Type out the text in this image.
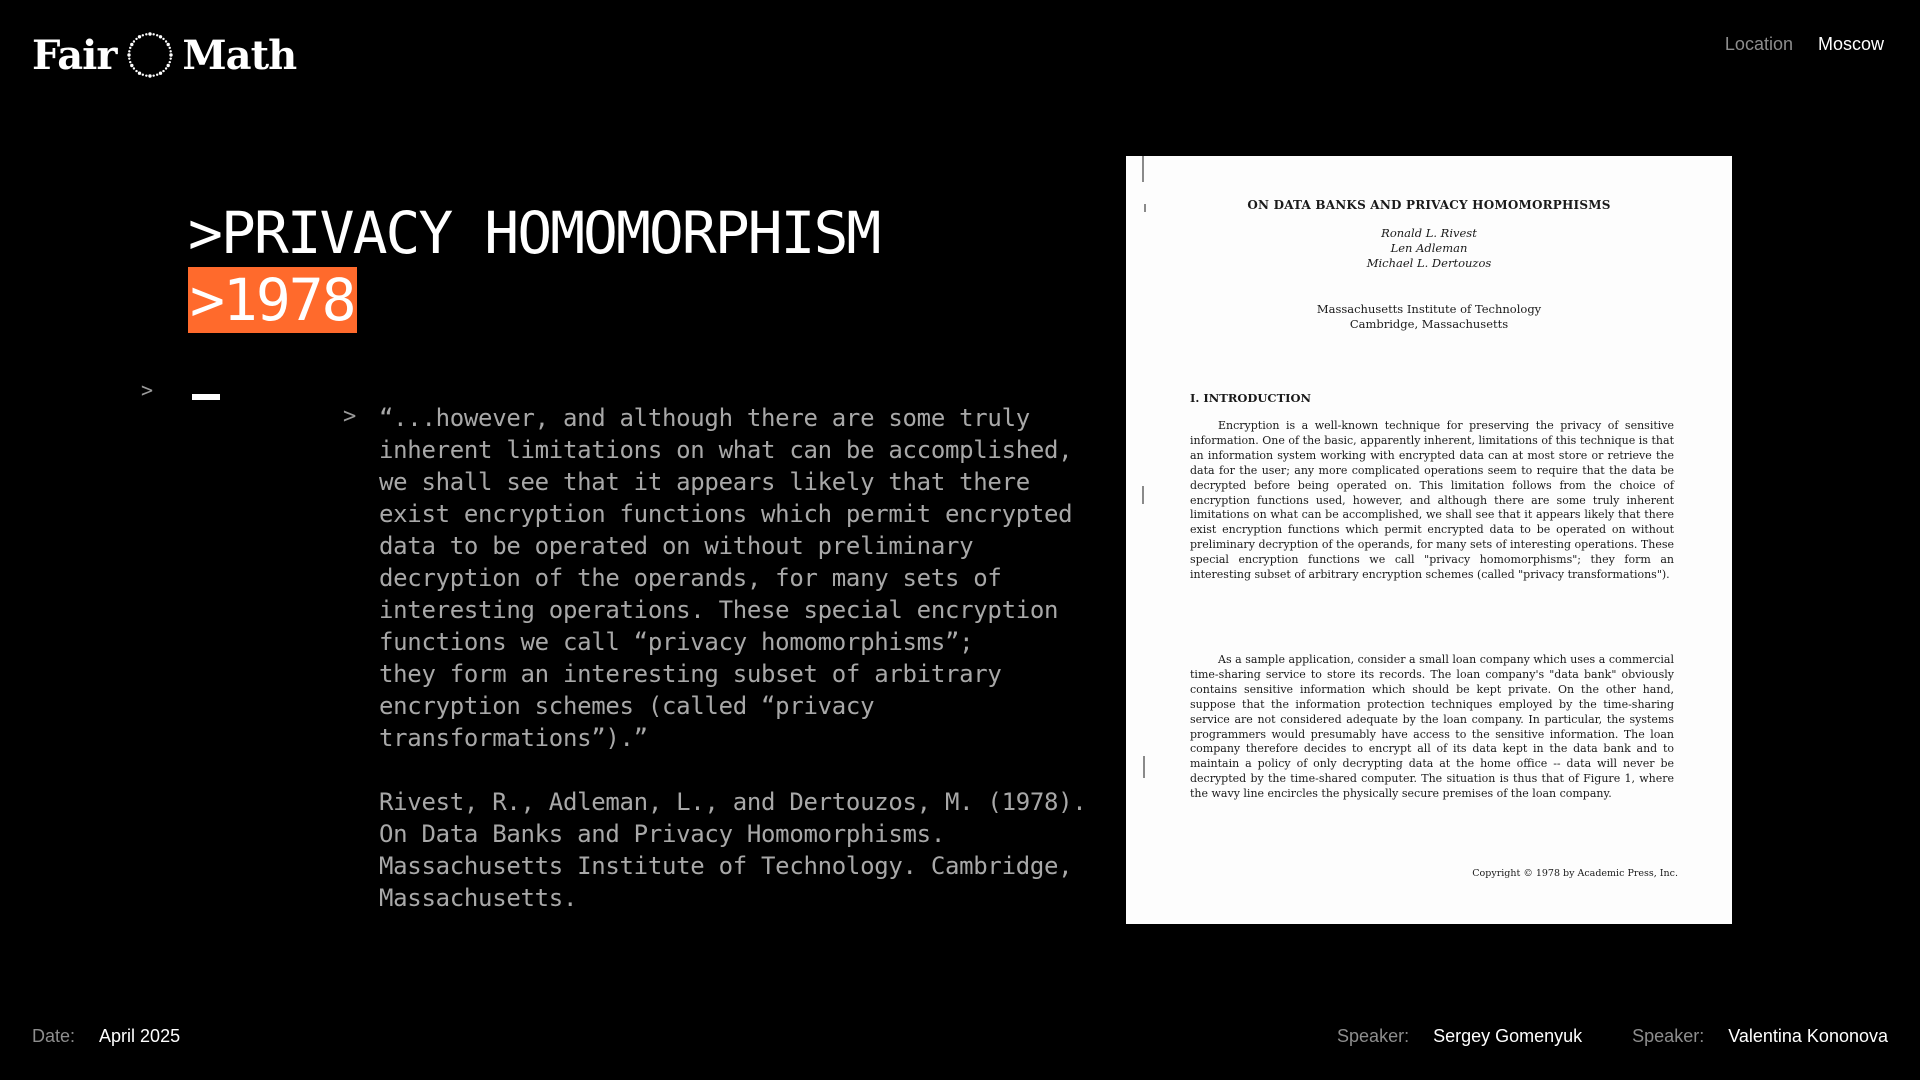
Fair Math	Location Moscow
>PRIVACY HOMOMORPHISM
>1978
>
> “...however, and although there are some truly inherent limitations on what can be accomplished, we shall see that it appears likely that there exist encryption functions which permit encrypted data to be operated on without preliminary decryption of the operands, for many sets of interesting operations. These special encryption functions we call “privacy homomorphisms”;

they form an interesting subset of arbitrary encryption schemes (called “privacy transformations”).”

Rivest, R., Adleman, L., and Dertouzos, M. (1978). On Data Banks and Privacy Homomorphisms. Massachusetts Institute of Technology. Cambridge, Massachusetts.

ON DATA BANKS AND PRIVACY HOMOMORPHISMS
Ronald L. Rivest
Len Adleman
Michael L. Dertouzos
Massachusetts Institute of Technology
Cambridge, Massachusetts
I. INTRODUCTION

Encryption is a well-known technique for preserving the privacy of sensitive information. One of the basic, apparently inherent, limitations of this technique is that an information system working with encrypted data can at most store or retrieve the data for the user; any more complicated operations seem to require that the data be decrypted before being operated on. This limitation follows from the choice of encryption functions used, however, and although there are some truly inherent limitations on what can be accomplished, we shall see that it appears likely that there exist encryption functions which permit encrypted data to be operated on without preliminary decryption of the operands, for many sets of interesting operations. These special encryption functions we call "privacy homomorphisms"; they form an interesting subset of arbitrary encryption schemes (called "privacy transformations").

As a sample application, consider a small loan company which uses a commercial time-sharing service to store its records. The loan company's "data bank" obviously contains sensitive information which should be kept private. On the other hand, suppose that the information protection techniques employed by the time-sharing service are not considered adequate by the loan company. In particular, the systems programmers would presumably have access to the sensitive information. The loan company therefore decides to encrypt all of its data kept in the data bank and to maintain a policy of only decrypting data at the home office -- data will never be decrypted by the time-shared computer. The situation is thus that of Figure 1, where the wavy line encircles the physically secure premises of the loan company.

Copyright © 1978 by Academic Press, Inc.
Date: April 2025	Speaker: Sergey Gomenyuk	Speaker: Valentina Kononova
